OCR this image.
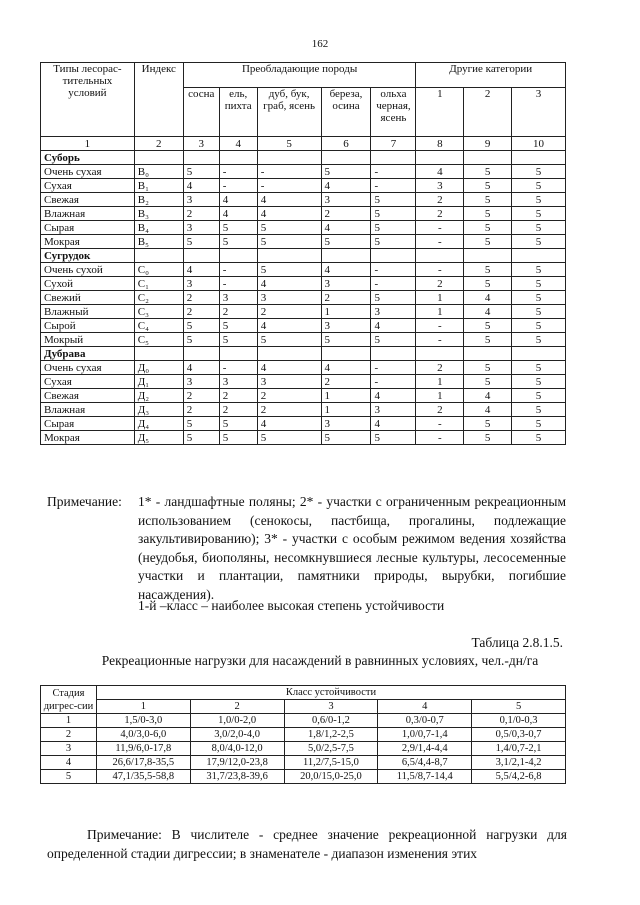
162
Типы лесорас-тительных условий	Индекс	Преобладающие породы					Другие категории		
		сосна	ель, пихта	дуб, бук, граб, ясень	береза, осина	ольха черная, ясень	1	2	3
1	2	3	4	5	6	7	8	9	10
Суборь									
Очень сухая	В₀	5	-	-	5	-	4	5	5
Сухая	В₁	4	-	-	4	-	3	5	5
Свежая	В₂	3	4	4	3	5	2	5	5
Влажная	В₃	2	4	4	2	5	2	5	5
Сырая	В₄	3	5	5	4	5	-	5	5
Мокрая	В₅	5	5	5	5	5	-	5	5
Сугрудок									
Очень сухой	С₀	4	-	5	4	-	-	5	5
Сухой	С₁	3	-	4	3	-	2	5	5
Свежий	С₂	2	3	3	2	5	1	4	5
Влажный	С₃	2	2	2	1	3	1	4	5
Сырой	С₄	5	5	4	3	4	-	5	5
Мокрый	С₅	5	5	5	5	5	-	5	5
Дубрава									
Очень сухая	Д₀	4	-	4	4	-	2	5	5
Сухая	Д₁	3	3	3	2	-	1	5	5
Свежая	Д₂	2	2	2	1	4	1	4	5
Влажная	Д₃	2	2	2	1	3	2	4	5
Сырая	Д₄	5	5	4	3	4	-	5	5
Мокрая	Д₅	5	5	5	5	5	-	5	5
Примечание: 1* - ландшафтные поляны; 2* - участки с ограниченным рекреационным использованием (сенокосы, пастбища, прогалины, подлежащие закультивированию); 3* - участки с особым режимом ведения хозяйства (неудобья, биополяны, несомкнувшиеся лесные культуры, лесосеменные участки и плантации, памятники природы, вырубки, погибшие насаждения).
1-й –класс – наиболее высокая степень устойчивости
Таблица 2.8.1.5.
Рекреационные нагрузки для насаждений в равнинных условиях, чел.-дн/га
Стадия дигрес-сии	Класс устойчивости				
	1	2	3	4	5
1	1,5/0-3,0	1,0/0-2,0	0,6/0-1,2	0,3/0-0,7	0,1/0-0,3
2	4,0/3,0-6,0	3,0/2,0-4,0	1,8/1,2-2,5	1,0/0,7-1,4	0,5/0,3-0,7
3	11,9/6,0-17,8	8,0/4,0-12,0	5,0/2,5-7,5	2,9/1,4-4,4	1,4/0,7-2,1
4	26,6/17,8-35,5	17,9/12,0-23,8	11,2/7,5-15,0	6,5/4,4-8,7	3,1/2,1-4,2
5	47,1/35,5-58,8	31,7/23,8-39,6	20,0/15,0-25,0	11,5/8,7-14,4	5,5/4,2-6,8
Примечание: В числителе - среднее значение рекреационной нагрузки для определенной стадии дигрессии; в знаменателе - диапазон изменения этих
